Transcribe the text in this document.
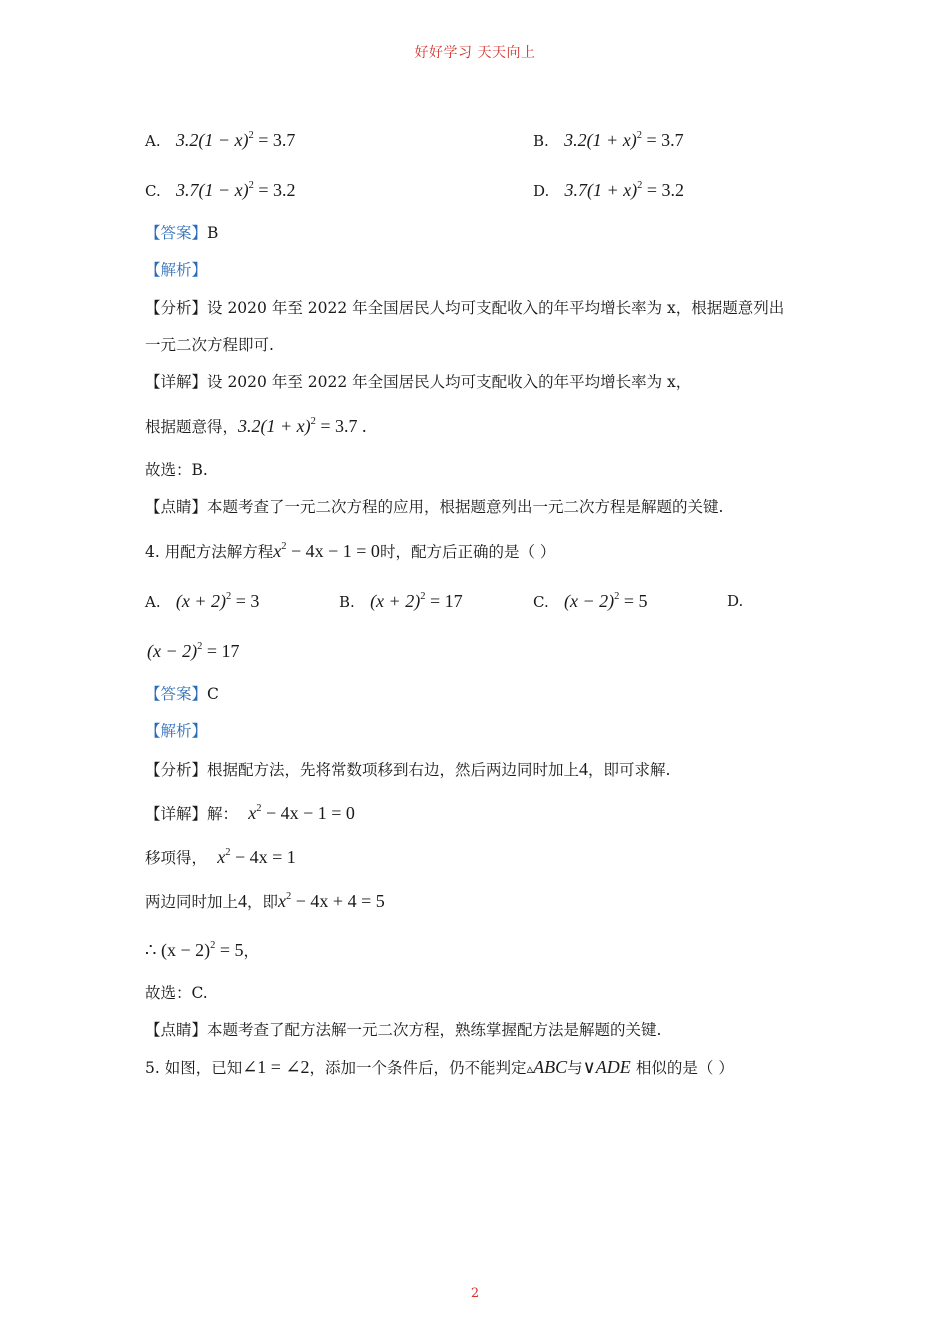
好好学习 天天向上
A. $3.2(1 - x)^2 = 3.7$	B. $3.2(1 + x)^2 = 3.7$
C. $3.7(1 - x)^2 = 3.2$	D. $3.7(1 + x)^2 = 3.2$
【答案】B
【解析】
【分析】设 2020 年至 2022 年全国居民人均可支配收入的年平均增长率为 x，根据题意列出
一元二次方程即可.
【详解】设 2020 年至 2022 年全国居民人均可支配收入的年平均增长率为 x，
根据题意得，$3.2(1 + x)^2 = 3.7$ .
故选：B.
【点睛】本题考查了一元二次方程的应用，根据题意列出一元二次方程是解题的关键.
4. 用配方法解方程$x^2 - 4x - 1 = 0$时，配方后正确的是（ ）
A. $(x + 2)^2 = 3$	B. $(x + 2)^2 = 17$	C. $(x - 2)^2 = 5$	D.
$(x - 2)^2 = 17$
【答案】C
【解析】
【分析】根据配方法，先将常数项移到右边，然后两边同时加上4，即可求解.
【详解】解： $x^2 - 4x - 1 = 0$
移项得， $x^2 - 4x = 1$
两边同时加上4，即$x^2 - 4x + 4 = 5$
∴ $(x - 2)^2 = 5$，
故选：C.
【点睛】本题考查了配方法解一元二次方程，熟练掌握配方法是解题的关键.
5. 如图，已知∠1 = ∠2，添加一个条件后，仍不能判定▵ABC与∨ADE 相似的是（ ）
2
